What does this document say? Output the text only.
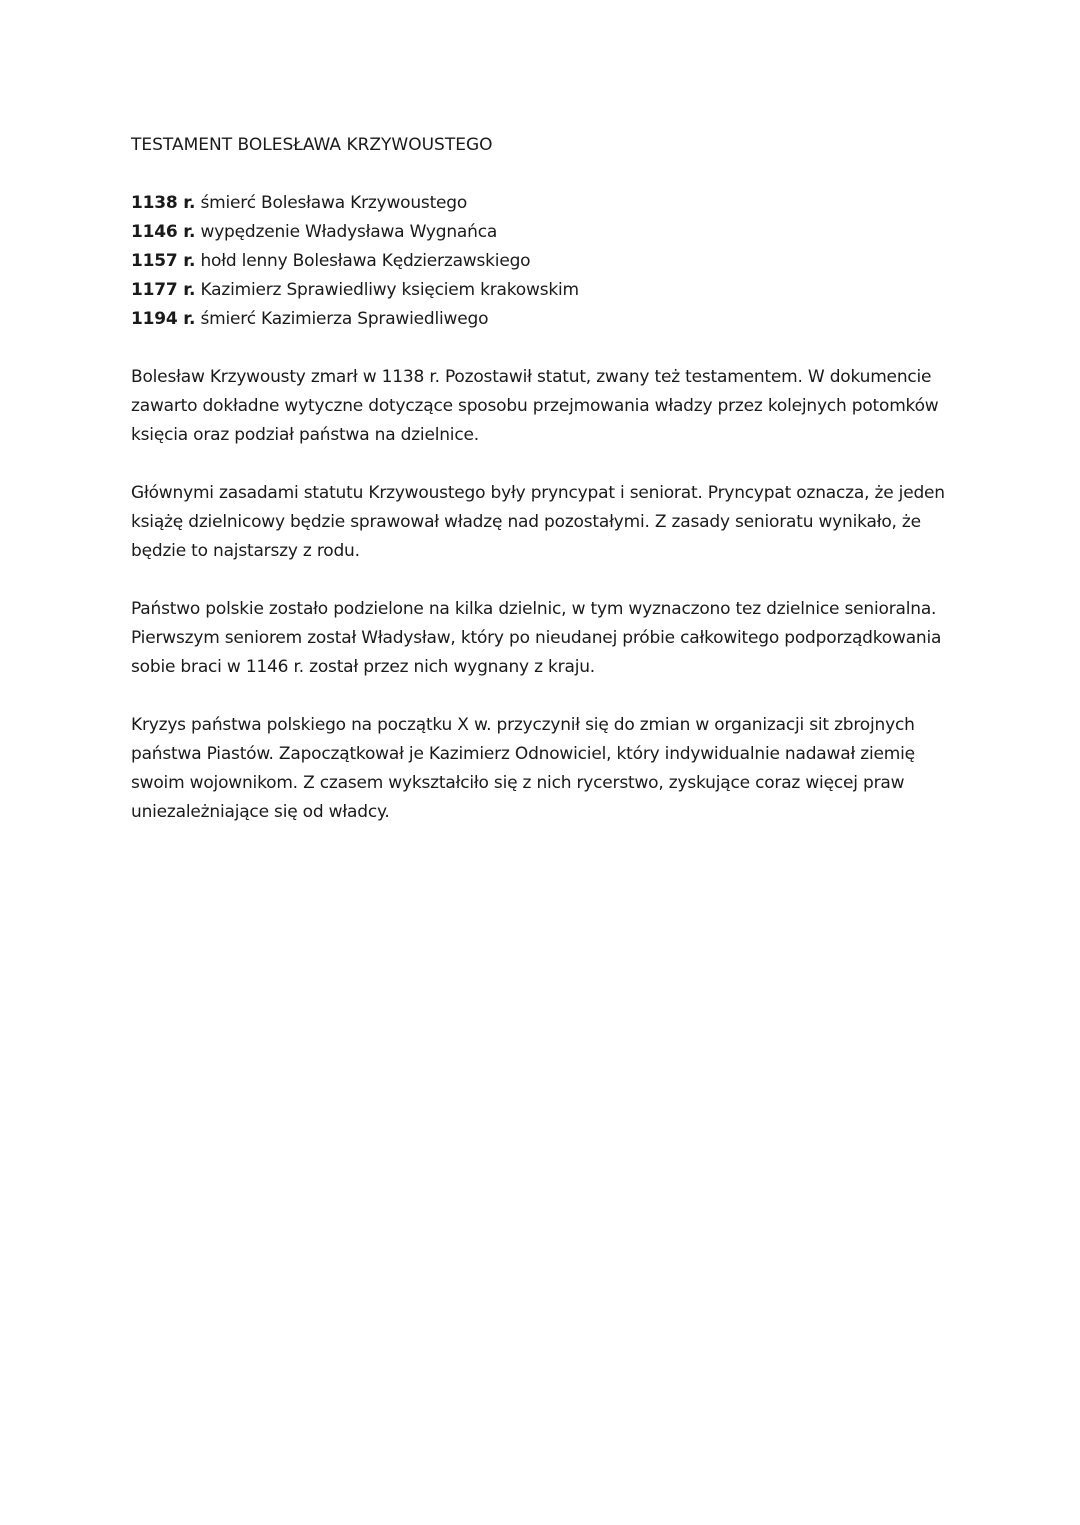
TESTAMENT BOLESŁAWA KRZYWOUSTEGO
1138 r. śmierć Bolesława Krzywoustego
1146 r. wypędzenie Władysława Wygnańca
1157 r. hołd lenny Bolesława Kędzierzawskiego
1177 r. Kazimierz Sprawiedliwy księciem krakowskim
1194 r. śmierć Kazimierza Sprawiedliwego

Bolesław Krzywousty zmarł w 1138 r. Pozostawił statut, zwany też testamentem. W dokumencie
zawarto dokładne wytyczne dotyczące sposobu przejmowania władzy przez kolejnych potomków
księcia oraz podział państwa na dzielnice.

Głównymi zasadami statutu Krzywoustego były pryncypat i seniorat. Pryncypat oznacza, że jeden
książę dzielnicowy będzie sprawował władzę nad pozostałymi. Z zasady senioratu wynikało, że
będzie to najstarszy z rodu.

Państwo polskie zostało podzielone na kilka dzielnic, w tym wyznaczono tez dzielnice senioralna.
Pierwszym seniorem został Władysław, który po nieudanej próbie całkowitego podporządkowania
sobie braci w 1146 r. został przez nich wygnany z kraju.

Kryzys państwa polskiego na początku X w. przyczynił się do zmian w organizacji sit zbrojnych
państwa Piastów. Zapoczątkował je Kazimierz Odnowiciel, który indywidualnie nadawał ziemię
swoim wojownikom. Z czasem wykształciło się z nich rycerstwo, zyskujące coraz więcej praw
uniezależniające się od władcy.
